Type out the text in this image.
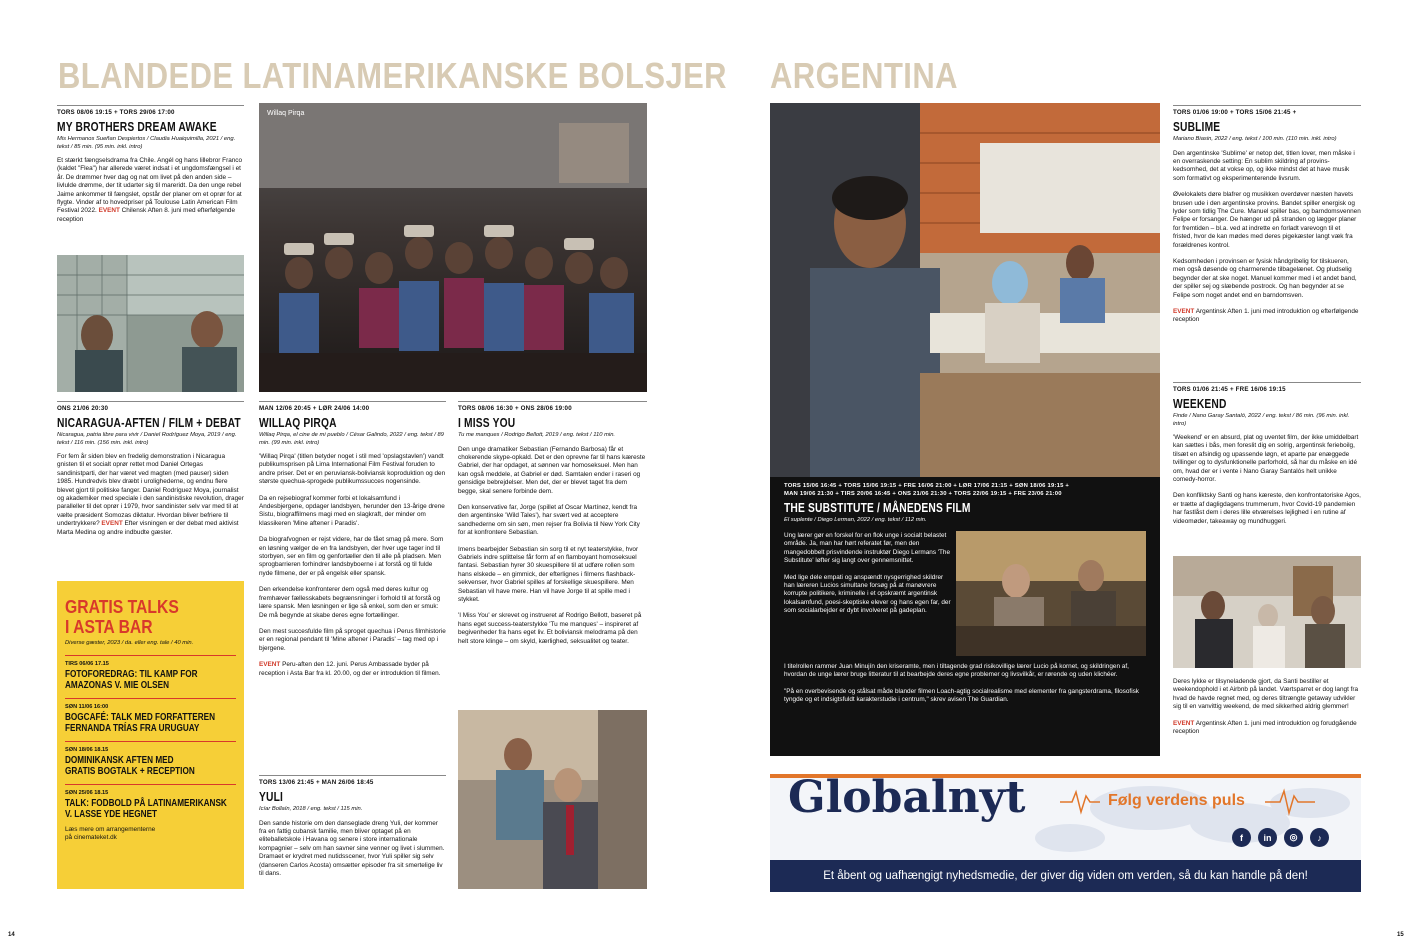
BLANDEDE LATINAMERIKANSKE BOLSJER
TORS 08/06 19:15 + TORS 29/06 17:00
MY BROTHERS DREAM AWAKE
Mis Hermanos Sueñan Despiertos / Claudia Huaiquimilla, 2021 / eng. tekst / 85 min. (95 min. inkl. intro)
Et stærkt fængselsdrama fra Chile. Angél og hans lillebror Franco (kaldet "Flea") har allerede været indsat i et ungdomsfængsel i et år. De drømmer hver dag og nat om livet på den anden side – livlulde drømme, der tit udarter sig til mareridt. Da den unge rebel Jaime ankommer til fængslet, opstår der planer om et oprør for at flygte. Vinder af to hovedpriser på Toulouse Latin American Film Festival 2022. EVENT Chilensk Aften 8. juni med efterfølgende reception
ONS 21/06 20:30
NICARAGUA-AFTEN / FILM + DEBAT
Nicaragua, patria libre para vivir / Daniel Rodríguez Moya, 2019 / eng. tekst / 116 min. (156 min. inkl. intro)
For fem år siden blev en fredelig demonstration i Nicaragua gnisten til et socialt oprør rettet mod Daniel Ortegas sandinistparti, der har været ved magten (med pauser) siden 1985. Hundredvis blev dræbt i urolighederne, og endnu flere blevet gjort til politiske fanger. Daniel Rodríguez Moya, journalist og akademiker med speciale i den sandinistiske revolution, drager paralleller til det oprør i 1979, hvor sandinister selv var med til at vælte præsident Somozas diktatur. Hvordan bliver befriere til undertrykkere? EVENT Efter visningen er der debat med aktivist Marta Medina og andre indbudte gæster.
GRATIS TALKS
I ASTA BAR
Diverse gæster, 2023 / da. eller eng. tale / 40 min.
TIRS 06/06 17.15
FOTOFOREDRAG: TIL KAMP FOR
AMAZONAS V. MIE OLSEN
SØN 11/06 16:00
BOGCAFÉ: TALK MED FORFATTEREN
FERNANDA TRÍAS FRA URUGUAY
SØN 18/06 18.15
DOMINIKANSK AFTEN MED
GRATIS BOGTALK + RECEPTION
SØN 25/06 18.15
TALK: FODBOLD PÅ LATINAMERIKANSK
V. LASSE YDE HEGNET
Læs mere om arrangementerne
på cinemateket.dk
Willaq Pirqa
MAN 12/06 20:45 + LØR 24/06 14:00
WILLAQ PIRQA
Willaq Pirqa, el cine de mi pueblo / César Galindo, 2022 / eng. tekst / 89 min. (99 min. inkl. intro)

'Willaq Pirqa' (titlen betyder noget i stil med 'opslagstavlen') vandt publikumsprisen på Lima International Film Festival foruden to andre priser. Det er en peruviansk-boliviansk koproduktion og den største quechua-sprogede publikumssucces nogensinde.

Da en rejsebiograf kommer forbi et lokalsamfund i Andesbjergene, opdager landsbyen, herunder den 13-årige drene Sistu, biograffilmens magi med en slagkraft, der minder om klassikeren 'Mine aftener i Paradis'.

Da biografvognen er rejst videre, har de fået smag på mere. Som en løsning vælger de en fra landsbyen, der hver uge tager ind til storbyen, ser en film og genfortæller den til alle på pladsen. Men sprogbarrieren forhindrer landsbyboerne i at forstå og til fulde nyde filmene, der er på engelsk eller spansk.

Den erkendelse konfronterer dem også med deres kultur og fremhæver fællesskabets begrænsninger i forhold til at forstå og lære spansk. Men løsningen er lige så enkel, som den er smuk: De må begynde at skabe deres egne fortællinger.

Den mest succesfulde film på sproget quechua i Perus filmhistorie er en regional pendant til 'Mine aftener i Paradis' – tag med op i bjergene.

EVENT Peru-aften den 12. juni. Perus Ambassade byder på reception i Asta Bar fra kl. 20.00, og der er introduktion til filmen.

TORS 13/06 21:45 + MAN 26/06 18:45
YULI
Icíar Bollaín, 2018 / eng. tekst / 115 min.
Den sande historie om den danseglade dreng Yuli, der kommer fra en fattig cubansk familie, men bliver optaget på en eliteballetskole i Havana og senere i store internationale kompagnier – selv om han savner sine venner og livet i slummen. Dramaet er krydret med nutidsscener, hvor Yuli spiller sig selv (danseren Carlos Acosta) omsætter episoder fra sit smertelige liv til dans.
TORS 08/06 16:30 + ONS 28/06 19:00
I MISS YOU
Tu me manques / Rodrigo Bellott, 2019 / eng. tekst / 110 min.

Den unge dramatiker Sebastian (Fernando Barbosa) får et chokerende skype-opkald. Det er den oprevne far til hans kæreste Gabriel, der har opdaget, at sønnen var homoseksuel. Men han kan også meddele, at Gabriel er død. Samtalen ender i raseri og gensidige bebrejdelser. Men det, der er blevet taget fra dem begge, skal senere forbinde dem.

Den konservative far, Jorge (spillet af Oscar Martínez, kendt fra den argentinske 'Wild Tales'), har svært ved at acceptere sandhederne om sin søn, men rejser fra Bolivia til New York City for at konfrontere Sebastian.

Imens bearbejder Sebastian sin sorg til et nyt teaterstykke, hvor Gabriels indre splittelse får form af en flamboyant homoseksuel fantasi. Sebastian hyrer 30 skuespillere til at udføre rollen som hans elskede – en gimmick, der efterlignes i filmens flashback-sekvenser, hvor Gabriel spilles af forskellige skuespillere. Men Sebastian vil have mere. Han vil have Jorge til at spille med i stykket.

'I Miss You' er skrevet og instrueret af Rodrigo Bellott, baseret på hans eget success-teaterstykke 'Tu me manques' – inspireret af begivenheder fra hans eget liv. Et boliviansk melodrama på den helt store klinge – om skyld, kærlighed, seksualitet og teater.

14
ARGENTINA
TORS 15/06 16:45 + TORS 15/06 19:15 + FRE 16/06 21:00 + LØR 17/06 21:15 + SØN 18/06 19:15 +
MAN 19/06 21:30 + TIRS 20/06 16:45 + ONS 21/06 21:30 + TORS 22/06 19:15 + FRE 23/06 21:00
THE SUBSTITUTE / MÅNEDENS FILM
El suplente / Diego Lerman, 2022 / eng. tekst / 112 min.

Ung lærer gør en forskel for en flok unge i socialt belastet område. Ja, man har hørt referatet før, men den mangedobbelt prisvindende instruktør Diego Lermans 'The Substitute' løfter sig langt over gennemsnittet.

Med lige dele empati og anspændt nysgerrighed skildrer han læreren Lucios simultane forsøg på at manøvrere korrupte politikere, kriminelle i et opskræmt argentinsk lokalsamfund, poesi-skeptiske elever og hans egen far, der som socialarbejder er dybt involveret på gadeplan.

I titelrollen rammer Juan Minujín den kriseramte, men i tiltagende grad risikovillige lærer Lucio på kornet, og skildringen af, hvordan de unge lærer bruge litteratur til at bearbejde deres egne problemer og livsvilkår, er rørende og uden klichéer.

"På en overbevisende og stålsat måde blander filmen Loach-agtig socialrealisme med elementer fra gangsterdrama, filosofisk tyngde og et indsigtsfuldt karakterstudie i centrum," skrev avisen The Guardian.

TORS 01/06 19:00 + TORS 15/06 21:45 +
SUBLIME
Mariano Biasin, 2022 / eng. tekst / 100 min. (110 min. inkl. intro)

Den argentinske 'Sublime' er netop det, titlen lover, men måske i en overraskende setting: En sublim skildring af provins-kedsomhed, det at vokse op, og ikke mindst det at have musik som formativt og eksperimenterende livsrum.

Øvelokalets døre blafrer og musikken overdøver næsten havets brusen ude i den argentinske provins. Bandet spiller energisk og lyder som tidlig The Cure. Manuel spiller bas, og barndomsvennen Felipe er forsanger. De hænger ud på stranden og lægger planer for fremtiden – bl.a. ved at indrette en forladt varevogn til et fristed, hvor de kan mødes med deres pigekæster langt væk fra forældrenes kontrol.

Kedsomheden i provinsen er fysisk håndgribelig for tilskueren, men også døsende og charmerende tilbagelænet. Og pludselig begynder der at ske noget. Manuel kommer med i et andet band, der spiller sej og slæbende postrock. Og han begynder at se Felipe som noget andet end en barndomsven.

EVENT Argentinsk Aften 1. juni med introduktion og efterfølgende reception

TORS 01/06 21:45 + FRE 16/06 19:15
WEEKEND
Finde / Nano Garay Santaló, 2022 / eng. tekst / 86 min. (96 min. inkl. intro)

'Weekend' er en absurd, plat og uventet film, der ikke umiddelbart kan sættes i bås, men foreslit dig en solrig, argentinsk ferieboilg, tilsæt en afsindig og upassende løgn, et aparte par enæggede tvillinger og to dysfunktionelle parforhold, så har du måske en idé om, hvad der er i vente i Nano Garay Santalós helt unikke comedy-horror.

Den konfliktsky Santi og hans kæreste, den konfrontatoriske Agos, er trætte af dagligdagens trummerum, hvor Covid-19 pandemien har fastlåst dem i deres lille etværelses lejlighed i en rutine af videomøder, takeaway og mundhuggeri.

Deres lykke er tilsyneladende gjort, da Santi bestiller et weekendophold i et Airbnb på landet. Værtsparret er dog langt fra hvad de havde regnet med, og deres tiltrængte getaway udvikler sig til en vanvittig weekend, de med sikkerhed aldrig glemmer!

EVENT Argentinsk Aften 1. juni med introduktion og forudgående reception

Globalnyt	Følg verdens puls
f	in	◎	♪
Et åbent og uafhængigt nyhedsmedie, der giver dig viden om verden, så du kan handle på den!
15
